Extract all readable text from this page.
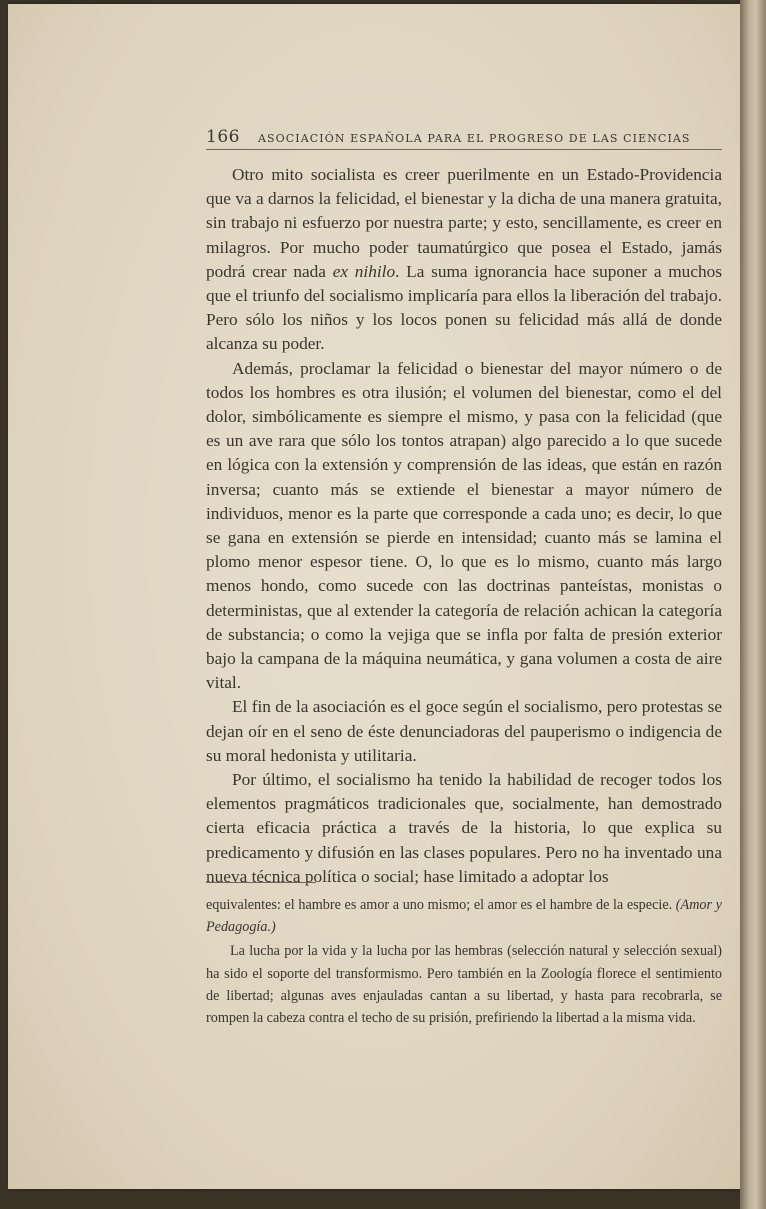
166 ASOCIACIÓN ESPAÑOLA PARA EL PROGRESO DE LAS CIENCIAS

Otro mito socialista es creer puerilmente en un Estado-Providencia que va a darnos la felicidad, el bienestar y la dicha de una manera gratuita, sin trabajo ni esfuerzo por nuestra parte; y esto, sencillamente, es creer en milagros. Por mucho poder taumatúrgico que posea el Estado, jamás podrá crear nada ex nihilo. La suma ignorancia hace suponer a muchos que el triunfo del socialismo implicaría para ellos la liberación del trabajo. Pero sólo los niños y los locos ponen su felicidad más allá de donde alcanza su poder.

Además, proclamar la felicidad o bienestar del mayor número o de todos los hombres es otra ilusión; el volumen del bienestar, como el del dolor, simbólicamente es siempre el mismo, y pasa con la felicidad (que es un ave rara que sólo los tontos atrapan) algo parecido a lo que sucede en lógica con la extensión y comprensión de las ideas, que están en razón inversa; cuanto más se extiende el bienestar a mayor número de individuos, menor es la parte que corresponde a cada uno; es decir, lo que se gana en extensión se pierde en intensidad; cuanto más se lamina el plomo menor espesor tiene. O, lo que es lo mismo, cuanto más largo menos hondo, como sucede con las doctrinas panteístas, monistas o deterministas, que al extender la categoría de relación achican la categoría de substancia; o como la vejiga que se infla por falta de presión exterior bajo la campana de la máquina neumática, y gana volumen a costa de aire vital.

El fin de la asociación es el goce según el socialismo, pero protestas se dejan oír en el seno de éste denunciadoras del pauperismo o indigencia de su moral hedonista y utilitaria.

Por último, el socialismo ha tenido la habilidad de recoger todos los elementos pragmáticos tradicionales que, socialmente, han demostrado cierta eficacia práctica a través de la historia, lo que explica su predicamento y difusión en las clases populares. Pero no ha inventado una nueva técnica política o social; hase limitado a adoptar los

equivalentes: el hambre es amor a uno mismo; el amor es el hambre de la especie. (Amor y Pedagogía.)

La lucha por la vida y la lucha por las hembras (selección natural y selección sexual) ha sido el soporte del transformismo. Pero también en la Zoología florece el sentimiento de libertad; algunas aves enjauladas cantan a su libertad, y hasta para recobrarla, se rompen la cabeza contra el techo de su prisión, prefiriendo la libertad a la misma vida.
